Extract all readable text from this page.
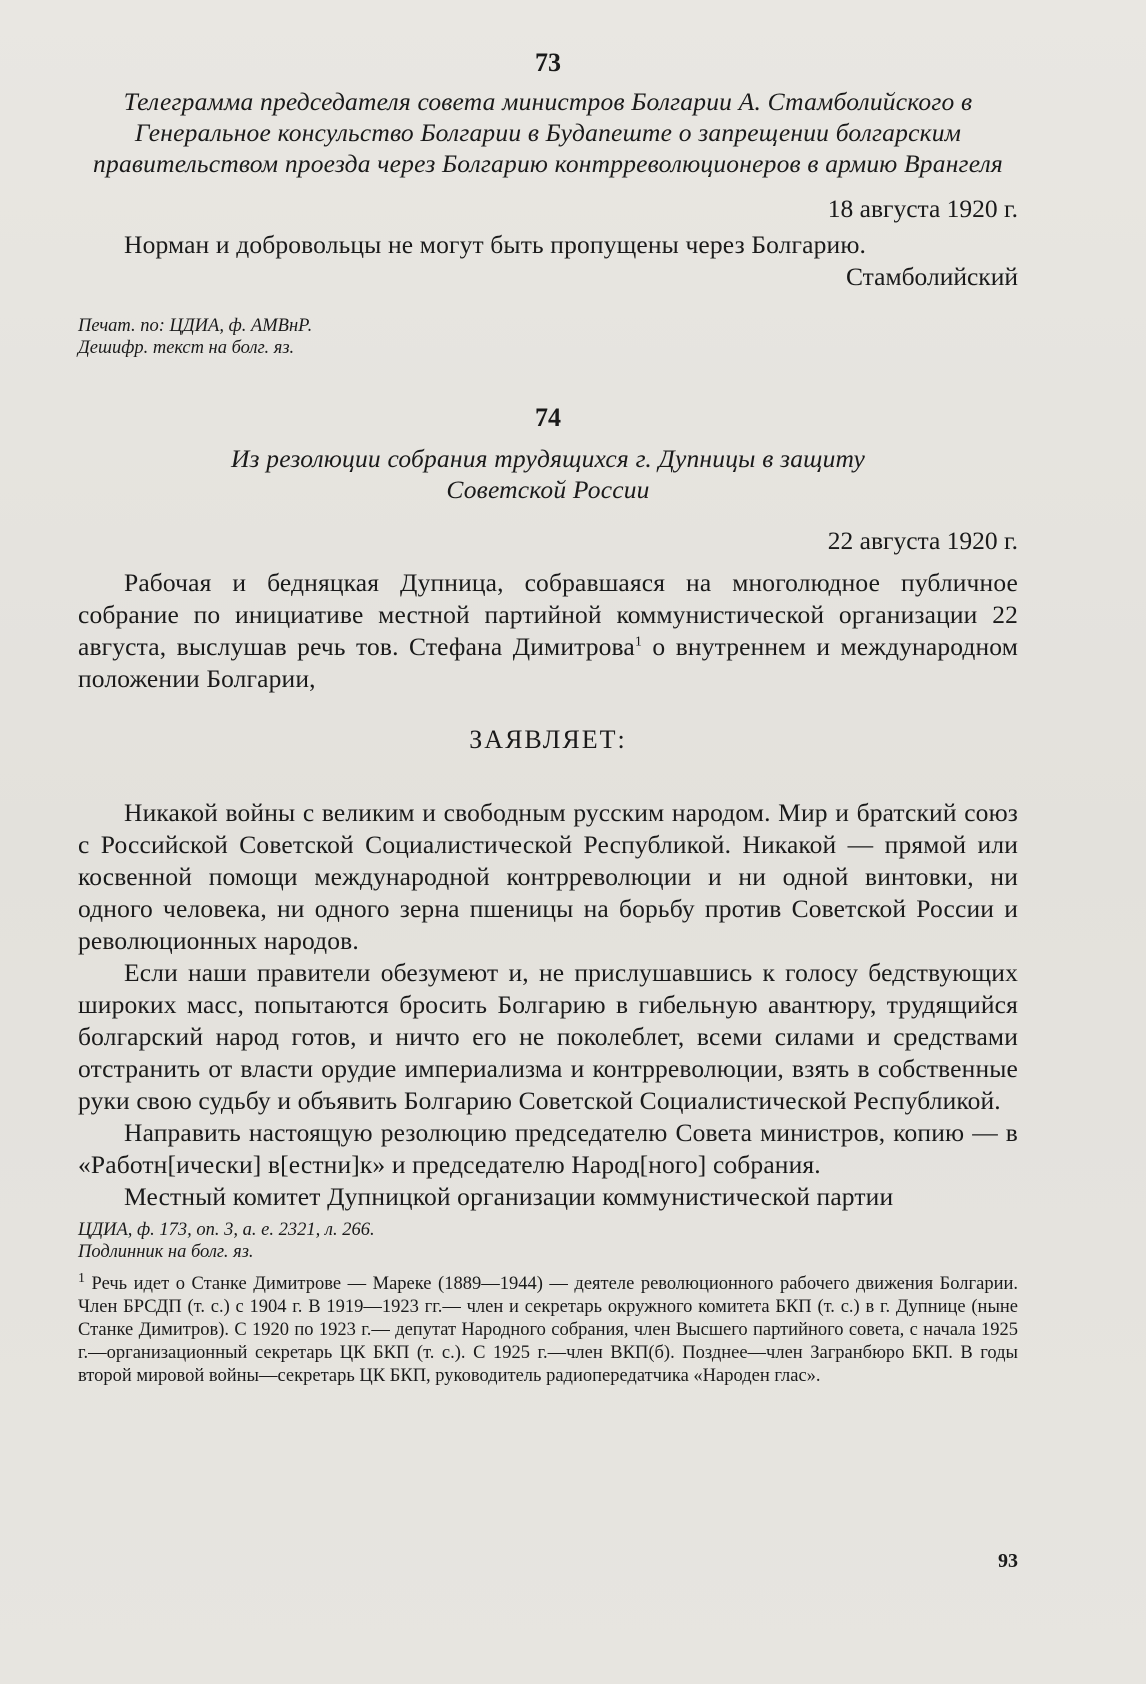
73

Телеграмма председателя совета министров Болгарии А. Стамболийского в Генеральное консульство Болгарии в Будапеште о запрещении болгарским правительством проезда через Болгарию контрреволюционеров в армию Врангеля

18 августа 1920 г.

Норман и добровольцы не могут быть пропущены через Болгарию.

Стамболийский

Печат. по: ЦДИА, ф. АМВнР.

Дешифр. текст на болг. яз.

74

Из резолюции собрания трудящихся г. Дупницы в защиту
Советской России

22 августа 1920 г.

Рабочая и бедняцкая Дупница, собравшаяся на многолюдное публичное собрание по инициативе местной партийной коммунистической организации 22 августа, выслушав речь тов. Стефана Димитрова$^1$ о внутреннем и международном положении Болгарии,

ЗАЯВЛЯЕТ:

Никакой войны с великим и свободным русским народом. Мир и братский союз с Российской Советской Социалистической Республикой. Никакой — прямой или косвенной помощи международной контрреволюции и ни одной винтовки, ни одного человека, ни одного зерна пшеницы на борьбу против Советской России и революционных народов.

Если наши правители обезумеют и, не прислушавшись к голосу бедствующих широких масс, попытаются бросить Болгарию в гибельную авантюру, трудящийся болгарский народ готов, и ничто его не поколеблет, всеми силами и средствами отстранить от власти орудие империализма и контрреволюции, взять в собственные руки свою судьбу и объявить Болгарию Советской Социалистической Республикой.

Направить настоящую резолюцию председателю Совета министров, копию — в «Работн[ически] в[естни]к» и председателю Народ[ного] собрания.

Местный комитет Дупницкой организации коммунистической партии

ЦДИА, ф. 173, оп. 3, а. е. 2321, л. 266.

Подлинник на болг. яз.

$^1$ Речь идет о Станке Димитрове — Мареке (1889—1944) — деятеле революционного рабочего движения Болгарии. Член БРСДП (т. с.) с 1904 г. В 1919—1923 гг.— член и секретарь окружного комитета БКП (т. с.) в г. Дупнице (ныне Станке Димитров). С 1920 по 1923 г.— депутат Народного собрания, член Высшего партийного совета, с начала 1925 г.—организационный секретарь ЦК БКП (т. с.). С 1925 г.—член ВКП(б). Позднее—член Загранбюро БКП. В годы второй мировой войны—секретарь ЦК БКП, руководитель радиопередатчика «Народен глас».

93
